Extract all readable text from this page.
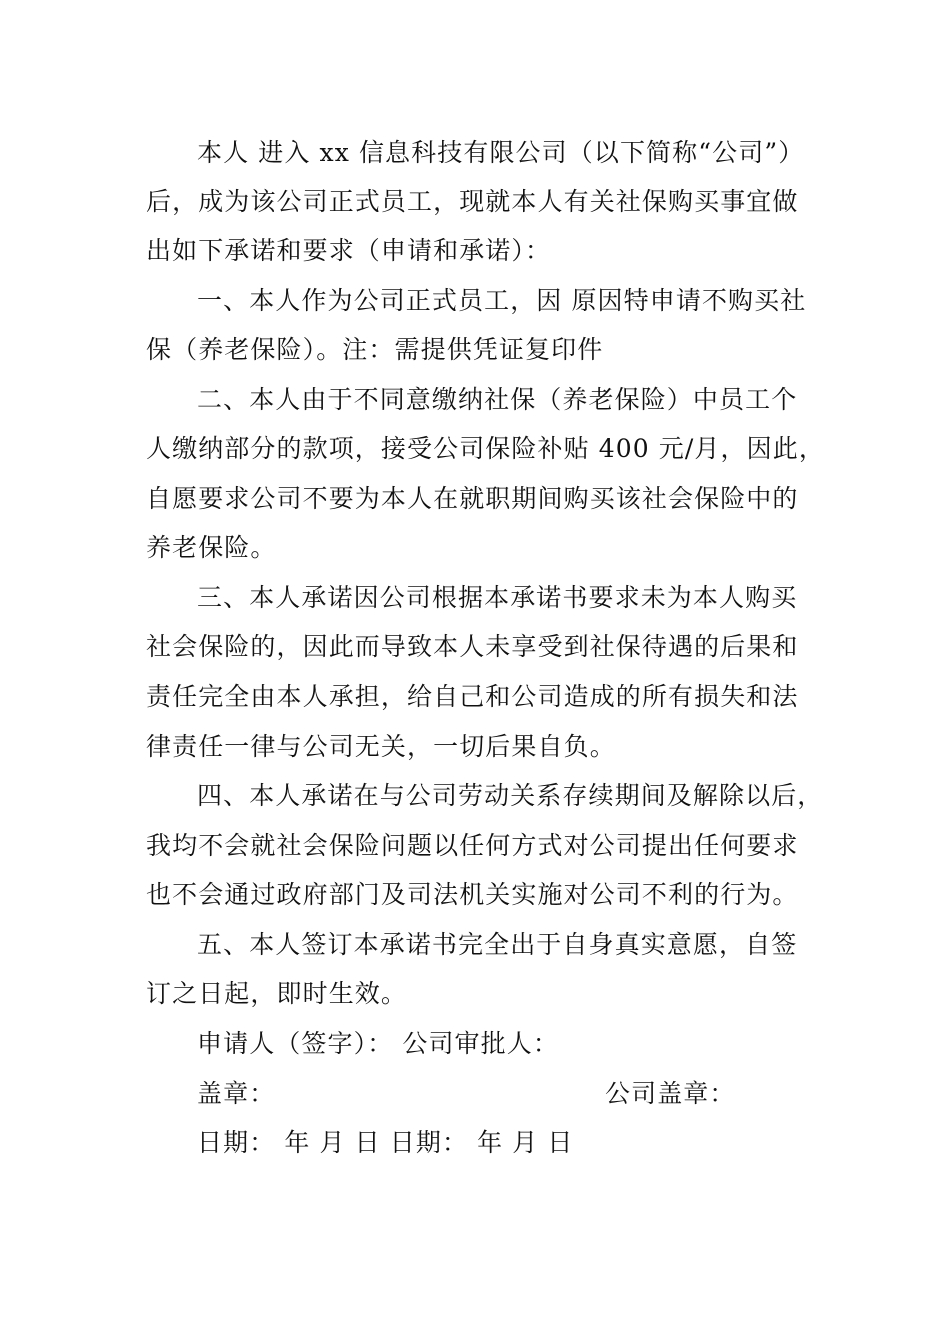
本人 进入 xx 信息科技有限公司（以下简称“公司”）
后，成为该公司正式员工，现就本人有关社保购买事宜做
出如下承诺和要求（申请和承诺）：
一、本人作为公司正式员工，因 原因特申请不购买社
保（养老保险）。注：需提供凭证复印件
二、本人由于不同意缴纳社保（养老保险）中员工个
人缴纳部分的款项，接受公司保险补贴 400 元/月，因此，
自愿要求公司不要为本人在就职期间购买该社会保险中的
养老保险。
三、本人承诺因公司根据本承诺书要求未为本人购买
社会保险的，因此而导致本人未享受到社保待遇的后果和
责任完全由本人承担，给自己和公司造成的所有损失和法
律责任一律与公司无关，一切后果自负。
四、本人承诺在与公司劳动关系存续期间及解除以后，
我均不会就社会保险问题以任何方式对公司提出任何要求
也不会通过政府部门及司法机关实施对公司不利的行为。
五、本人签订本承诺书完全出于自身真实意愿，自签
订之日起，即时生效。
申请人（签字）： 公司审批人：
盖章：	公司盖章：
日期： 年 月 日 日期： 年 月 日
